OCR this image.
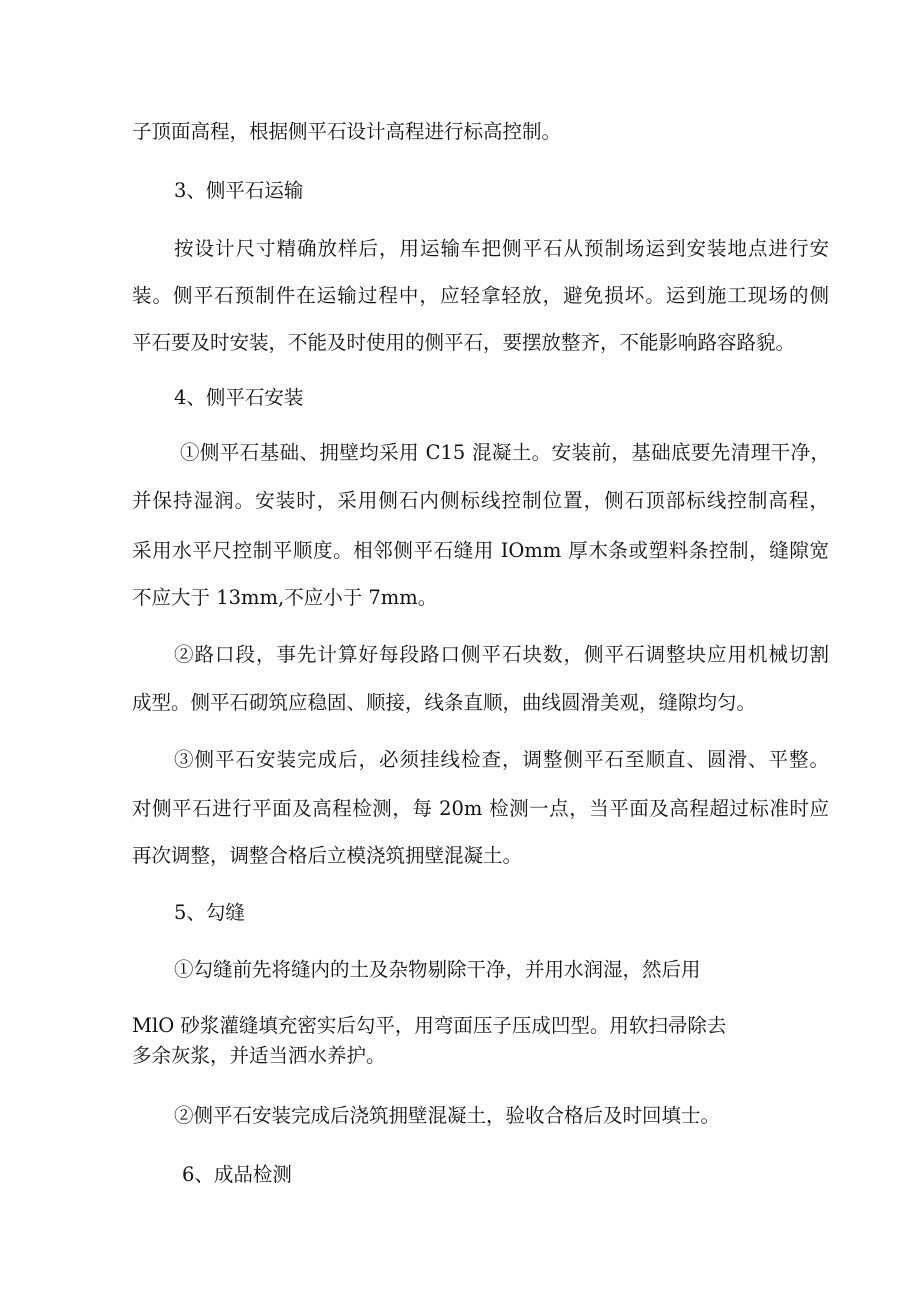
子顶面高程，根据侧平石设计高程进行标高控制。

3、侧平石运输

按设计尺寸精确放样后，用运输车把侧平石从预制场运到安装地点进行安

装。侧平石预制件在运输过程中，应轻拿轻放，避免损坏。运到施工现场的侧

平石要及时安装，不能及时使用的侧平石，要摆放整齐，不能影响路容路貌。

4、侧平石安装

①侧平石基础、拥壁均采用 C15 混凝土。安装前，基础底要先清理干净，

并保持湿润。安装时，采用侧石内侧标线控制位置，侧石顶部标线控制高程，

采用水平尺控制平顺度。相邻侧平石缝用 IOmm 厚木条或塑料条控制，缝隙宽

不应大于 13mm,不应小于 7mm。

②路口段，事先计算好每段路口侧平石块数，侧平石调整块应用机械切割

成型。侧平石砌筑应稳固、顺接，线条直顺，曲线圆滑美观，缝隙均匀。

③侧平石安装完成后，必须挂线检查，调整侧平石至顺直、圆滑、平整。

对侧平石进行平面及高程检测，每 20m 检测一点，当平面及高程超过标准时应

再次调整，调整合格后立模浇筑拥壁混凝土。

5、勾缝

①勾缝前先将缝内的土及杂物剔除干净，并用水润湿，然后用

MlO 砂浆灌缝填充密实后勾平，用弯面压子压成凹型。用软扫帚除去

多余灰浆，并适当洒水养护。

②侧平石安装完成后浇筑拥壁混凝土，验收合格后及时回填士。

6、成品检测
